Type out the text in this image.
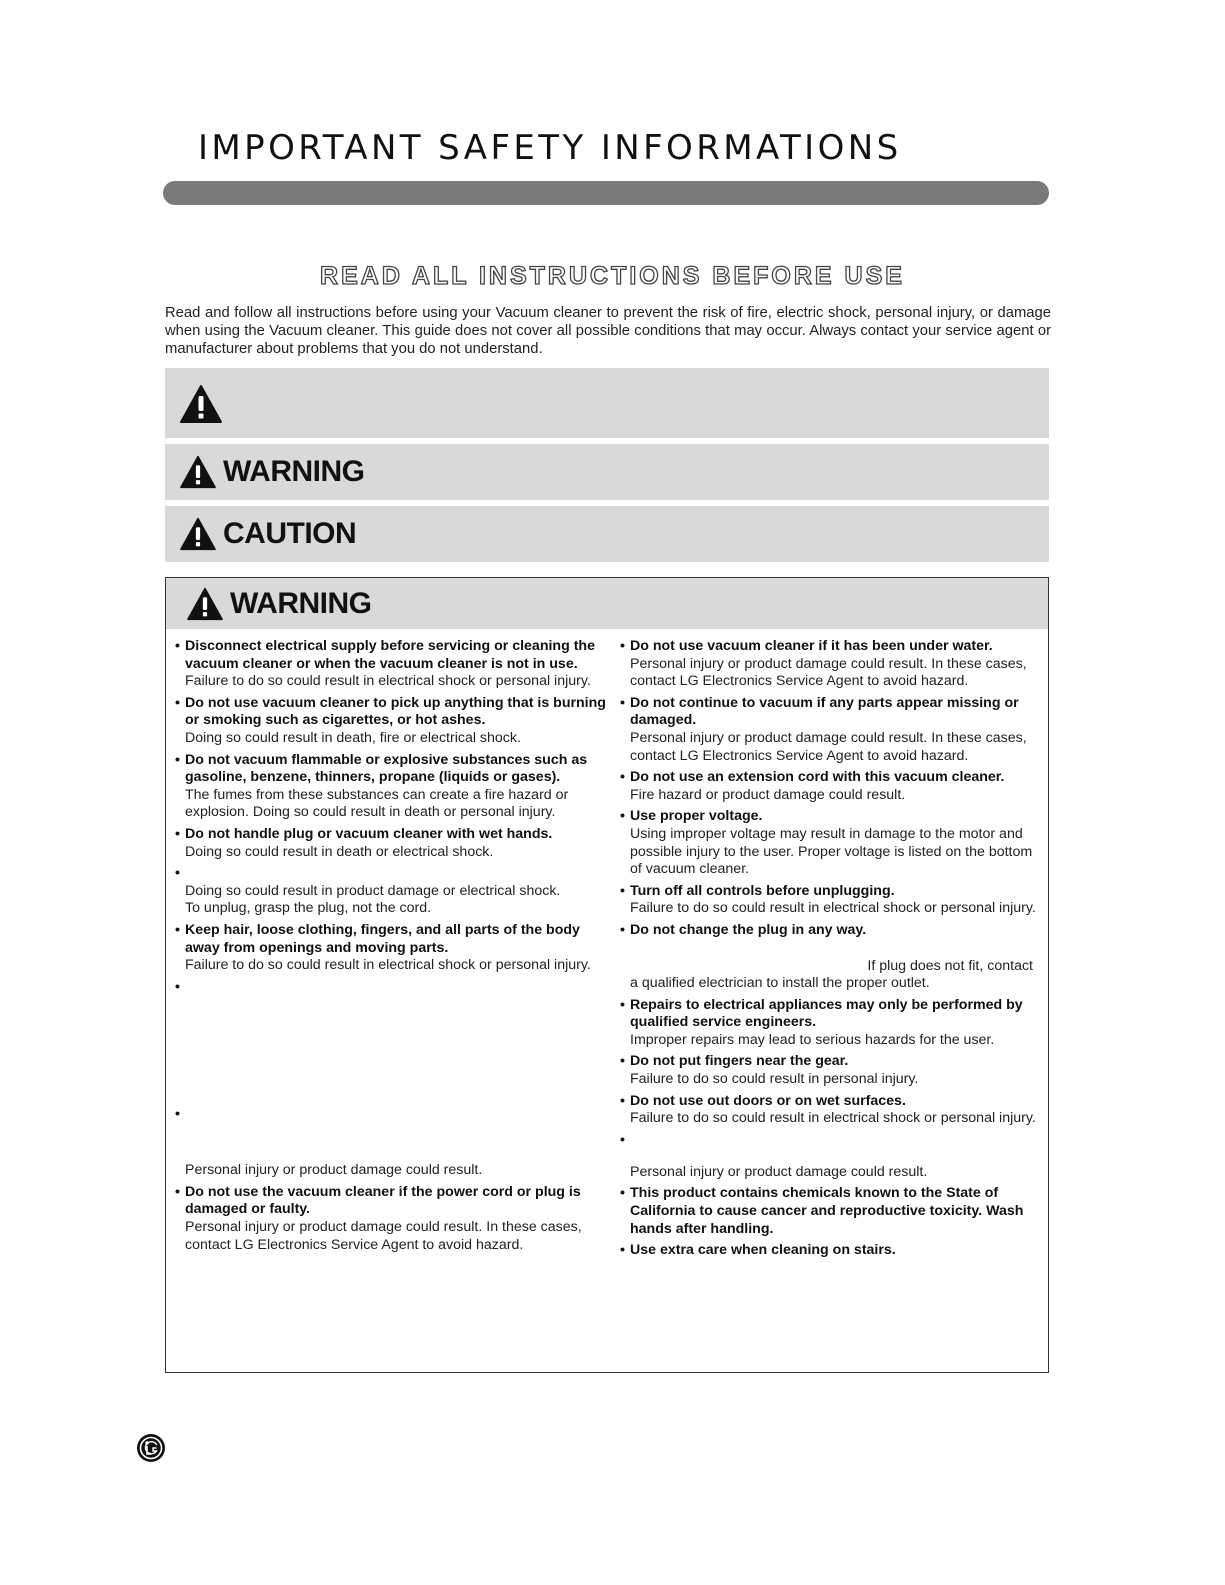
IMPORTANT SAFETY INFORMATIONS
READ ALL INSTRUCTIONS BEFORE USE

Read and follow all instructions before using your Vacuum cleaner to prevent the risk of fire, electric shock, personal injury, or damage when using the Vacuum cleaner. This guide does not cover all possible conditions that may occur. Always contact your service agent or manufacturer about problems that you do not understand.

WARNING
CAUTION
WARNING
• Disconnect electrical supply before servicing or cleaning the vacuum cleaner or when the vacuum cleaner is not in use.
Failure to do so could result in electrical shock or personal injury.
• Do not use vacuum cleaner to pick up anything that is burning or smoking such as cigarettes, or hot ashes.
Doing so could result in death, fire or electrical shock.
• Do not vacuum flammable or explosive substances such as gasoline, benzene, thinners, propane (liquids or gases).
The fumes from these substances can create a fire hazard or explosion. Doing so could result in death or personal injury.
• Do not handle plug or vacuum cleaner with wet hands.
Doing so could result in death or electrical shock.
• Doing so could result in product damage or electrical shock.
To unplug, grasp the plug, not the cord.
• Keep hair, loose clothing, fingers, and all parts of the body away from openings and moving parts.
Failure to do so could result in electrical shock or personal injury.
•
• Personal injury or product damage could result.
• Do not use the vacuum cleaner if the power cord or plug is damaged or faulty.
Personal injury or product damage could result. In these cases, contact LG Electronics Service Agent to avoid hazard.
• Do not use vacuum cleaner if it has been under water.
Personal injury or product damage could result. In these cases, contact LG Electronics Service Agent to avoid hazard.
• Do not continue to vacuum if any parts appear missing or damaged.
Personal injury or product damage could result. In these cases, contact LG Electronics Service Agent to avoid hazard.
• Do not use an extension cord with this vacuum cleaner.
Fire hazard or product damage could result.
• Use proper voltage.
Using improper voltage may result in damage to the motor and possible injury to the user. Proper voltage is listed on the bottom of vacuum cleaner.
• Turn off all controls before unplugging.
Failure to do so could result in electrical shock or personal injury.
• Do not change the plug in any way.
If plug does not fit, contact
a qualified electrician to install the proper outlet.
• Repairs to electrical appliances may only be performed by qualified service engineers.
Improper repairs may lead to serious hazards for the user.
• Do not put fingers near the gear.
Failure to do so could result in personal injury.
• Do not use out doors or on wet surfaces.
Failure to do so could result in electrical shock or personal injury.
• Personal injury or product damage could result.
• This product contains chemicals known to the State of California to cause cancer and reproductive toxicity. Wash hands after handling.
• Use extra care when cleaning on stairs.
